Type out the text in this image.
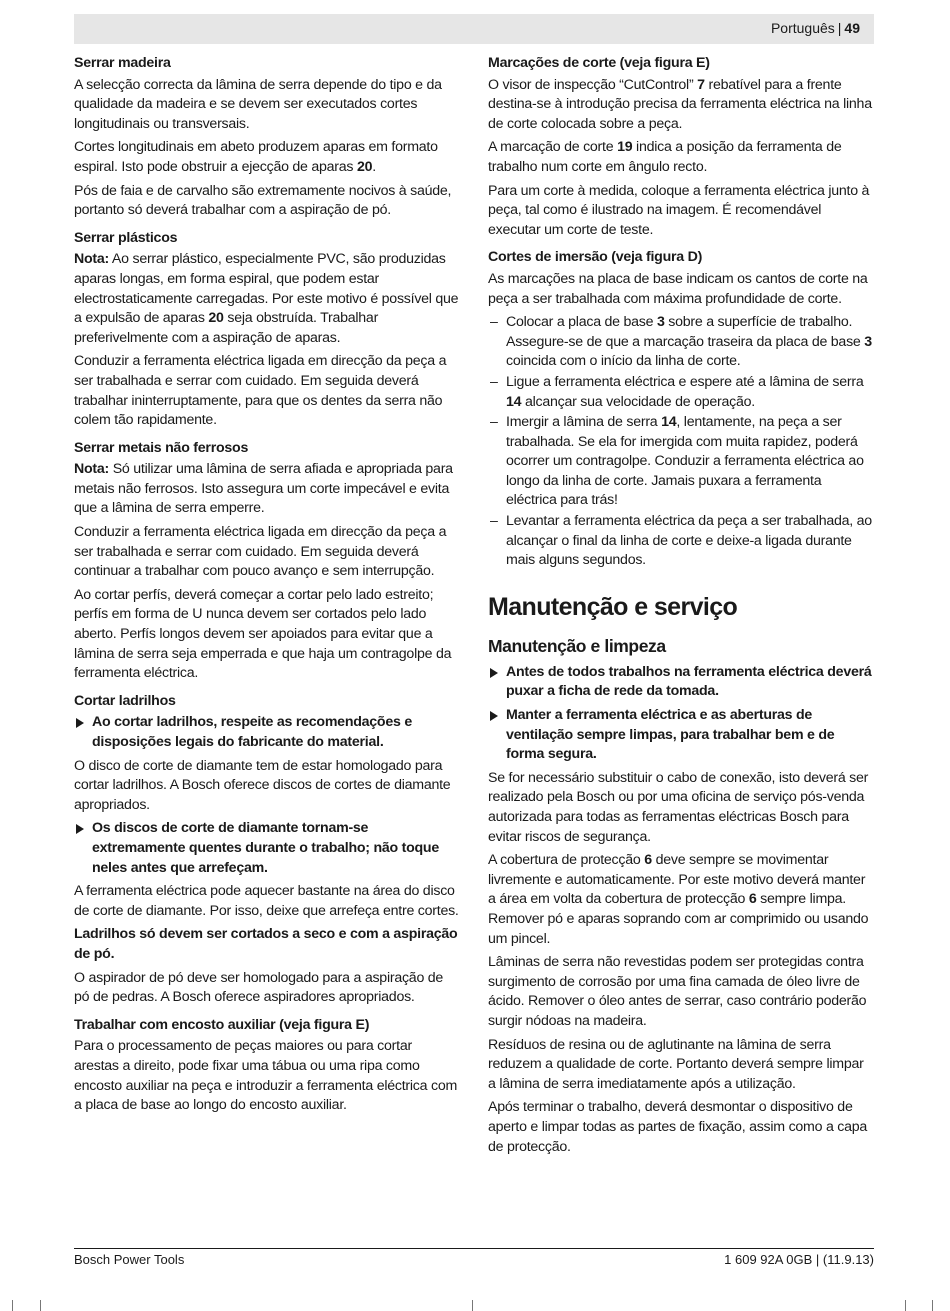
Português | 49
Serrar madeira

A selecção correcta da lâmina de serra depende do tipo e da qualidade da madeira e se devem ser executados cortes longitudinais ou transversais.

Cortes longitudinais em abeto produzem aparas em formato espiral. Isto pode obstruir a ejecção de aparas 20.

Pós de faia e de carvalho são extremamente nocivos à saúde, portanto só deverá trabalhar com a aspiração de pó.

Serrar plásticos

Nota: Ao serrar plástico, especialmente PVC, são produzidas aparas longas, em forma espiral, que podem estar electrostaticamente carregadas. Por este motivo é possível que a expulsão de aparas 20 seja obstruída. Trabalhar preferivelmente com a aspiração de aparas.

Conduzir a ferramenta eléctrica ligada em direcção da peça a ser trabalhada e serrar com cuidado. Em seguida deverá trabalhar ininterruptamente, para que os dentes da serra não colem tão rapidamente.

Serrar metais não ferrosos

Nota: Só utilizar uma lâmina de serra afiada e apropriada para metais não ferrosos. Isto assegura um corte impecável e evita que a lâmina de serra emperre.

Conduzir a ferramenta eléctrica ligada em direcção da peça a ser trabalhada e serrar com cuidado. Em seguida deverá continuar a trabalhar com pouco avanço e sem interrupção.

Ao cortar perfís, deverá começar a cortar pelo lado estreito; perfís em forma de U nunca devem ser cortados pelo lado aberto. Perfís longos devem ser apoiados para evitar que a lâmina de serra seja emperrada e que haja um contragolpe da ferramenta eléctrica.

Cortar ladrilhos
Ao cortar ladrilhos, respeite as recomendações e disposições legais do fabricante do material.

O disco de corte de diamante tem de estar homologado para cortar ladrilhos. A Bosch oferece discos de cortes de diamante apropriados.

Os discos de corte de diamante tornam-se extremamente quentes durante o trabalho; não toque neles antes que arrefeçam.

A ferramenta eléctrica pode aquecer bastante na área do disco de corte de diamante. Por isso, deixe que arrefeça entre cortes.

Ladrilhos só devem ser cortados a seco e com a aspiração de pó.

O aspirador de pó deve ser homologado para a aspiração de pó de pedras. A Bosch oferece aspiradores apropriados.

Trabalhar com encosto auxiliar (veja figura E)

Para o processamento de peças maiores ou para cortar arestas a direito, pode fixar uma tábua ou uma ripa como encosto auxiliar na peça e introduzir a ferramenta eléctrica com a placa de base ao longo do encosto auxiliar.

Marcações de corte (veja figura E)

O visor de inspecção “CutControl” 7 rebatível para a frente destina-se à introdução precisa da ferramenta eléctrica na linha de corte colocada sobre a peça.

A marcação de corte 19 indica a posição da ferramenta de trabalho num corte em ângulo recto.

Para um corte à medida, coloque a ferramenta eléctrica junto à peça, tal como é ilustrado na imagem. É recomendável executar um corte de teste.

Cortes de imersão (veja figura D)

As marcações na placa de base indicam os cantos de corte na peça a ser trabalhada com máxima profundidade de corte.

– Colocar a placa de base 3 sobre a superfície de trabalho. Assegure-se de que a marcação traseira da placa de base 3 coincida com o início da linha de corte.
– Ligue a ferramenta eléctrica e espere até a lâmina de serra 14 alcançar sua velocidade de operação.
– Imergir a lâmina de serra 14, lentamente, na peça a ser trabalhada. Se ela for imergida com muita rapidez, poderá ocorrer um contragolpe. Conduzir a ferramenta eléctrica ao longo da linha de corte. Jamais puxara a ferramenta eléctrica para trás!
– Levantar a ferramenta eléctrica da peça a ser trabalhada, ao alcançar o final da linha de corte e deixe-a ligada durante mais alguns segundos.
Manutenção e serviço
Manutenção e limpeza
Antes de todos trabalhos na ferramenta eléctrica deverá puxar a ficha de rede da tomada.
Manter a ferramenta eléctrica e as aberturas de ventilação sempre limpas, para trabalhar bem e de forma segura.

Se for necessário substituir o cabo de conexão, isto deverá ser realizado pela Bosch ou por uma oficina de serviço pós-venda autorizada para todas as ferramentas eléctricas Bosch para evitar riscos de segurança.

A cobertura de protecção 6 deve sempre se movimentar livremente e automaticamente. Por este motivo deverá manter a área em volta da cobertura de protecção 6 sempre limpa. Remover pó e aparas soprando com ar comprimido ou usando um pincel.

Lâminas de serra não revestidas podem ser protegidas contra surgimento de corrosão por uma fina camada de óleo livre de ácido. Remover o óleo antes de serrar, caso contrário poderão surgir nódoas na madeira.

Resíduos de resina ou de aglutinante na lâmina de serra reduzem a qualidade de corte. Portanto deverá sempre limpar a lâmina de serra imediatamente após a utilização.

Após terminar o trabalho, deverá desmontar o dispositivo de aperto e limpar todas as partes de fixação, assim como a capa de protecção.

Bosch Power Tools	1 609 92A 0GB | (11.9.13)
